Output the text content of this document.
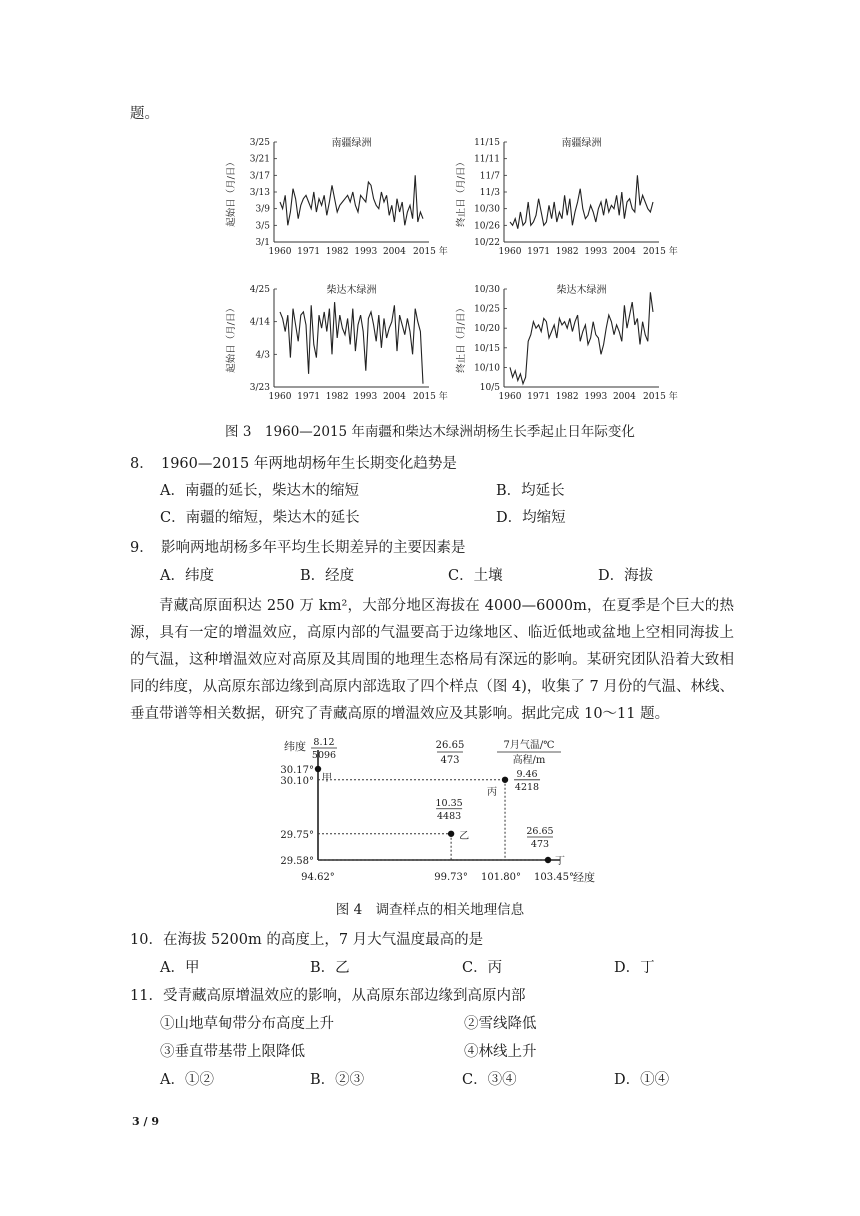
题。
南疆绿洲
3/25
3/21
3/17
3/13
3/9
3/5
3/1
起始日（月/日）
1960 1971 1982 1993 2004 2015 年
南疆绿洲
11/15
11/11
11/7
11/3
10/30
10/26
10/22
终止日（月/日）
1960 1971 1982 1993 2004 2015 年
柴达木绿洲
4/25
4/14
4/3
3/23
起始日（月/日）
1960 1971 1982 1993 2004 2015 年
柴达木绿洲
10/30
10/25
10/20
10/15
10/10
10/5
终止日（月/日）
1960 1971 1982 1993 2004 2015 年
图 3　1960—2015 年南疆和柴达木绿洲胡杨生长季起止日年际变化
8．　1960—2015 年两地胡杨年生长期变化趋势是
A．南疆的延长，柴达木的缩短	B．均延长
C．南疆的缩短，柴达木的延长	D．均缩短
9．　影响两地胡杨多年平均生长期差异的主要因素是
A．纬度	B．经度	C．土壤	D．海拔
青藏高原面积达 250 万 km²，大部分地区海拔在 4000—6000m，在夏季是个巨大的热源，具有一定的增温效应，高原内部的气温要高于边缘地区、临近低地或盆地上空相同海拔上的气温，这种增温效应对高原及其周围的地理生态格局有深远的影响。某研究团队沿着大致相同的纬度，从高原东部边缘到高原内部选取了四个样点（图 4)，收集了 7 月份的气温、林线、垂直带谱等相关数据，研究了青藏高原的增温效应及其影响。据此完成 10～11 题。
纬度
经度
30.17°
30.10°
29.75°
29.58°
94.62°	99.73° 101.80° 103.45°
26.65
473
7月气温/℃
高程/m
甲
8.12
5096
乙
10.35
4483
丙
9.46
4218
丁
26.65
473
图 4　调查样点的相关地理信息
10．在海拔 5200m 的高度上，7 月大气温度最高的是
A．甲	B．乙	C．丙	D．丁
11．受青藏高原增温效应的影响，从高原东部边缘到高原内部
①山地草甸带分布高度上升	②雪线降低
③垂直带基带上限降低	④林线上升
A．①②	B．②③	C．③④	D．①④
3 / 9
